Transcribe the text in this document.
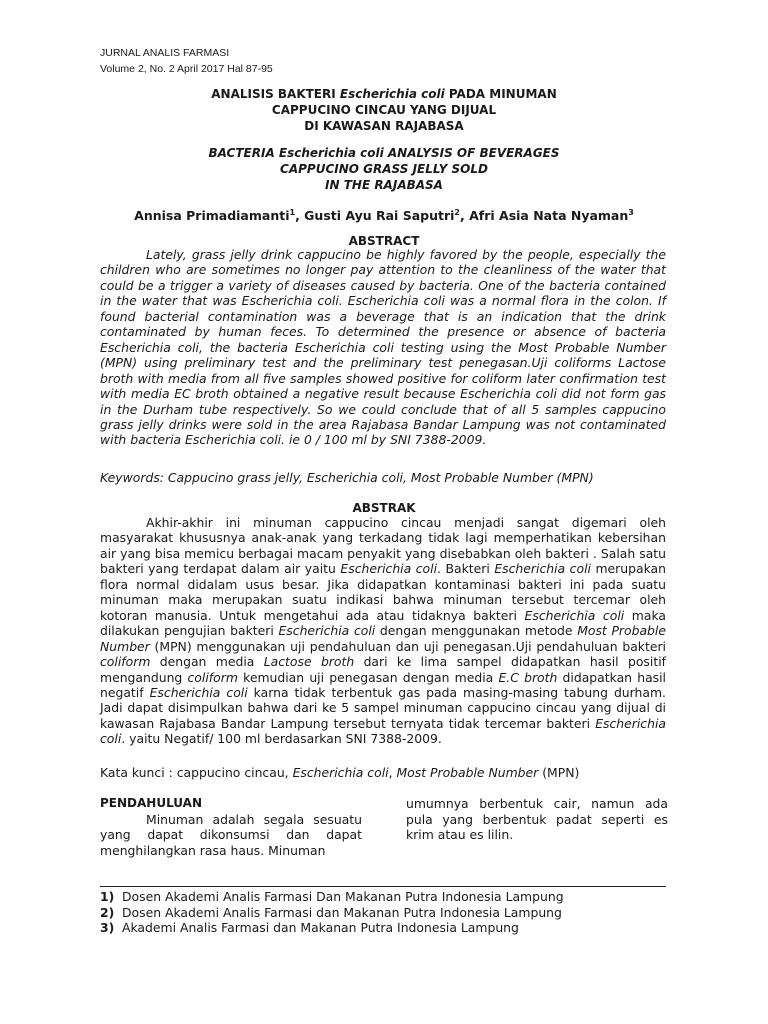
JURNAL ANALIS FARMASI
Volume 2, No. 2 April 2017 Hal 87-95
ANALISIS BAKTERI Escherichia coli PADA MINUMAN
CAPPUCINO CINCAU YANG DIJUAL
DI KAWASAN RAJABASA
BACTERIA Escherichia coli ANALYSIS OF BEVERAGES
CAPPUCINO GRASS JELLY SOLD
IN THE RAJABASA
Annisa Primadiamanti$^1$, Gusti Ayu Rai Saputri$^2$, Afri Asia Nata Nyaman$^3$
ABSTRACT
Lately, grass jelly drink cappucino be highly favored by the people, especially the children who are sometimes no longer pay attention to the cleanliness of the water that could be a trigger a variety of diseases caused by bacteria. One of the bacteria contained in the water that was Escherichia coli. Escherichia coli was a normal flora in the colon. If found bacterial contamination was a beverage that is an indication that the drink contaminated by human feces. To determined the presence or absence of bacteria Escherichia coli, the bacteria Escherichia coli testing using the Most Probable Number (MPN) using preliminary test and the preliminary test penegasan.Uji coliforms Lactose broth with media from all five samples showed positive for coliform later confirmation test with media EC broth obtained a negative result because Escherichia coli did not form gas in the Durham tube respectively. So we could conclude that of all 5 samples cappucino grass jelly drinks were sold in the area Rajabasa Bandar Lampung was not contaminated with bacteria Escherichia coli. ie 0 / 100 ml by SNI 7388-2009.
Keywords: Cappucino grass jelly, Escherichia coli, Most Probable Number (MPN)
ABSTRAK
Akhir-akhir ini minuman cappucino cincau menjadi sangat digemari oleh masyarakat khususnya anak-anak yang terkadang tidak lagi memperhatikan kebersihan air yang bisa memicu berbagai macam penyakit yang disebabkan oleh bakteri . Salah satu bakteri yang terdapat dalam air yaitu Escherichia coli. Bakteri Escherichia coli merupakan flora normal didalam usus besar. Jika didapatkan kontaminasi bakteri ini pada suatu minuman maka merupakan suatu indikasi bahwa minuman tersebut tercemar oleh kotoran manusia. Untuk mengetahui ada atau tidaknya bakteri Escherichia coli maka dilakukan pengujian bakteri Escherichia coli dengan menggunakan metode Most Probable Number (MPN) menggunakan uji pendahuluan dan uji penegasan.Uji pendahuluan bakteri coliform dengan media Lactose broth dari ke lima sampel didapatkan hasil positif mengandung coliform kemudian uji penegasan dengan media E.C broth didapatkan hasil negatif Escherichia coli karna tidak terbentuk gas pada masing-masing tabung durham. Jadi dapat disimpulkan bahwa dari ke 5 sampel minuman cappucino cincau yang dijual di kawasan Rajabasa Bandar Lampung tersebut ternyata tidak tercemar bakteri Escherichia coli. yaitu Negatif/ 100 ml berdasarkan SNI 7388-2009.
Kata kunci : cappucino cincau, Escherichia coli, Most Probable Number (MPN)
PENDAHULUAN
Minuman adalah segala sesuatu yang dapat dikonsumsi dan dapat menghilangkan rasa haus. Minuman
umumnya berbentuk cair, namun ada pula yang berbentuk padat seperti es krim atau es lilin.
1) Dosen Akademi Analis Farmasi Dan Makanan Putra Indonesia Lampung
2) Dosen Akademi Analis Farmasi dan Makanan Putra Indonesia Lampung
3) Akademi Analis Farmasi dan Makanan Putra Indonesia Lampung
